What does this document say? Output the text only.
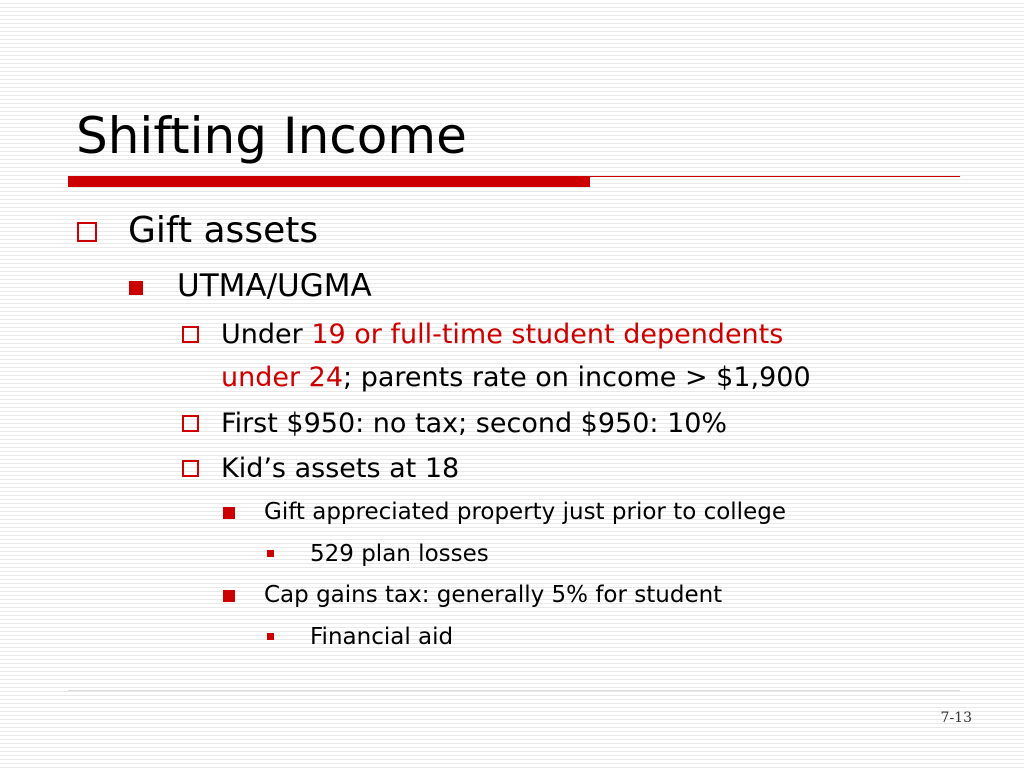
Shifting Income
Gift assets
UTMA/UGMA
Under 19 or full-time student dependents
under 24; parents rate on income > $1,900
First $950: no tax; second $950: 10%
Kid’s assets at 18
Gift appreciated property just prior to college
529 plan losses
Cap gains tax: generally 5% for student
Financial aid
7-13
